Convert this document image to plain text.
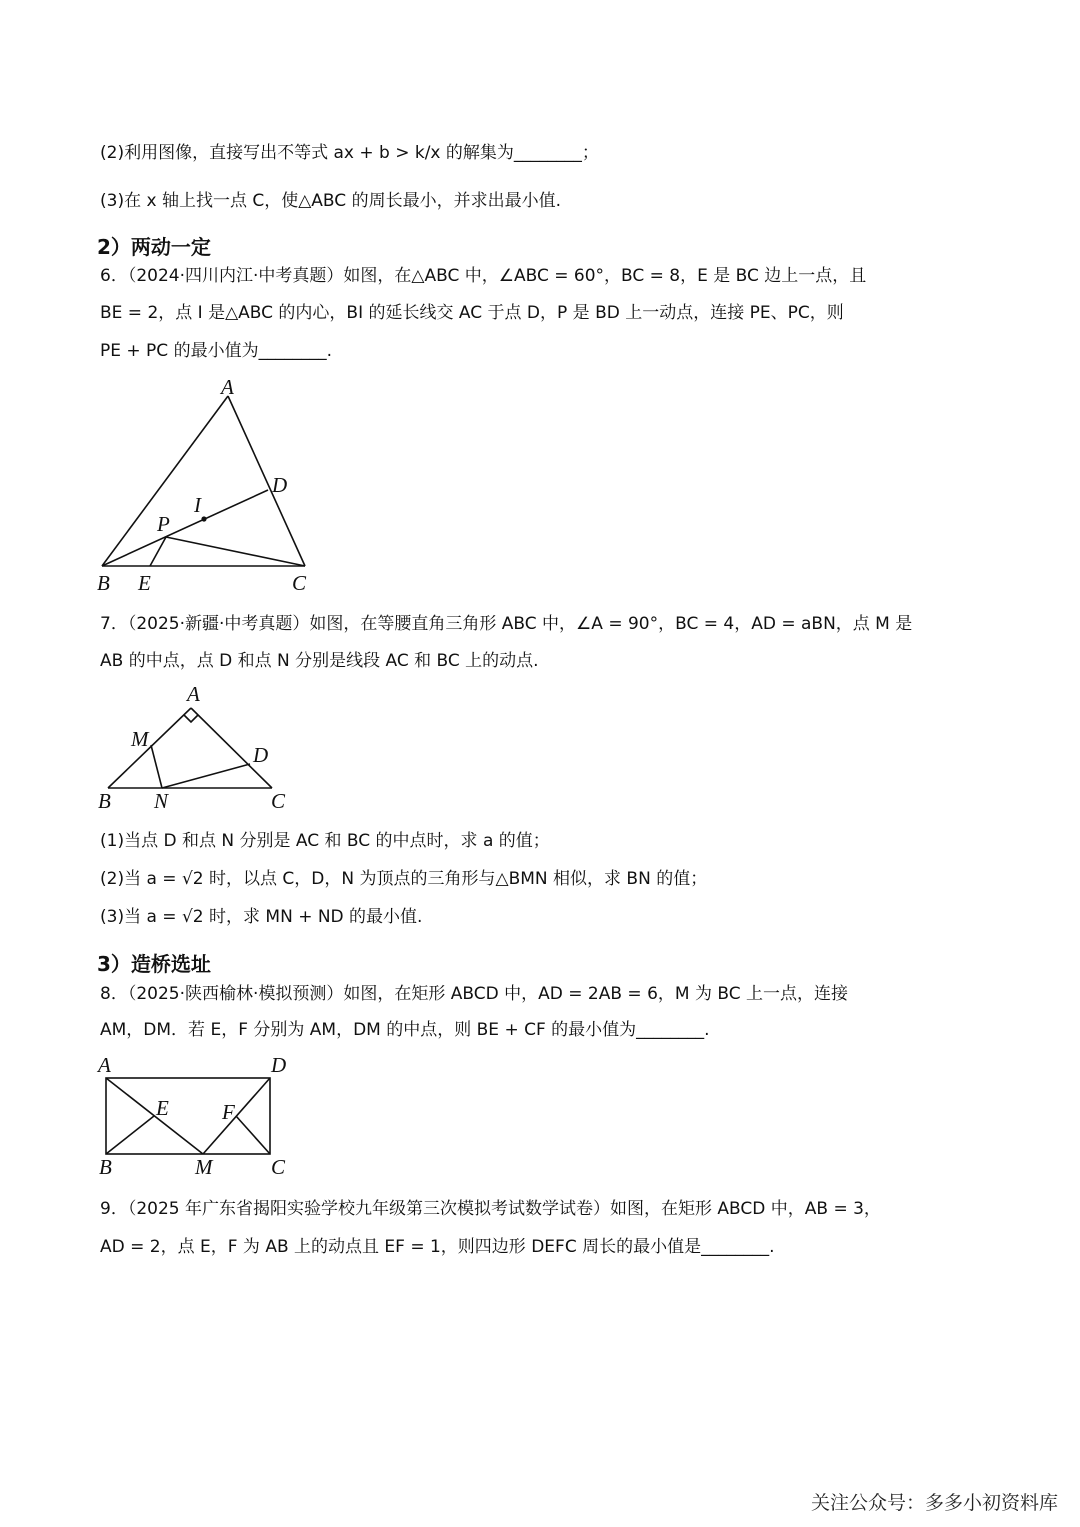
(2)利用图像，直接写出不等式 ax + b > k/x 的解集为________；
(3)在 x 轴上找一点 C，使△ABC 的周长最小，并求出最小值.
2）两动一定
6．（2024·四川内江·中考真题）如图，在△ABC 中，∠ABC = 60°，BC = 8，E 是 BC 边上一点，且
BE = 2，点 I 是△ABC 的内心，BI 的延长线交 AC 于点 D，P 是 BD 上一动点，连接 PE、PC，则
PE + PC 的最小值为________.
A
D
I
P
B E	C
A
M
D
B N	C
A	D
E	F
B	M	C
7．（2025·新疆·中考真题）如图，在等腰直角三角形 ABC 中，∠A = 90°，BC = 4，AD = aBN，点 M 是
AB 的中点，点 D 和点 N 分别是线段 AC 和 BC 上的动点.
(1)当点 D 和点 N 分别是 AC 和 BC 的中点时，求 a 的值；
(2)当 a = √2 时，以点 C，D，N 为顶点的三角形与△BMN 相似，求 BN 的值；
(3)当 a = √2 时，求 MN + ND 的最小值.
3）造桥选址
8．（2025·陕西榆林·模拟预测）如图，在矩形 ABCD 中，AD = 2AB = 6，M 为 BC 上一点，连接
AM，DM．若 E，F 分别为 AM，DM 的中点，则 BE + CF 的最小值为________.
9．（2025 年广东省揭阳实验学校九年级第三次模拟考试数学试卷）如图，在矩形 ABCD 中，AB = 3，
AD = 2，点 E，F 为 AB 上的动点且 EF = 1，则四边形 DEFC 周长的最小值是________.
关注公众号：多多小初资料库
